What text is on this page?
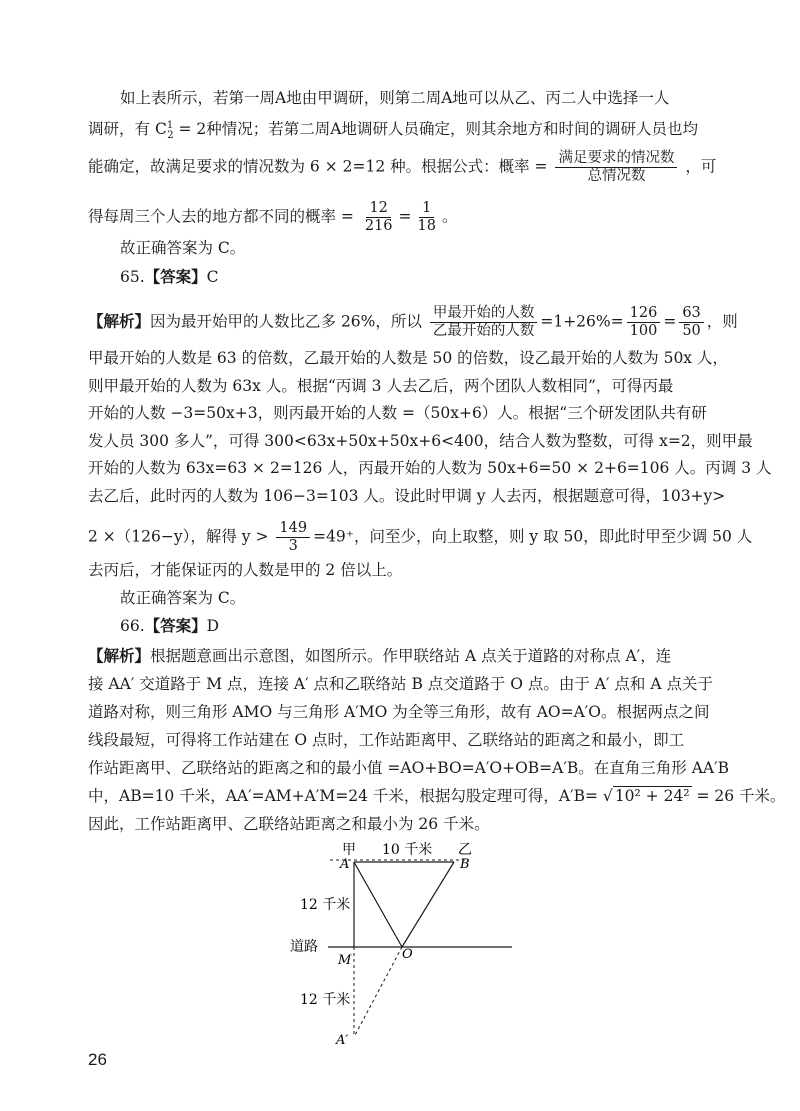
如上表所示，若第一周A地由甲调研，则第二周A地可以从乙、丙二人中选择一人
调研，有 $C^1_2 = 2$种情况；若第二周A地调研人员确定，则其余地方和时间的调研人员也均
能确定，故满足要求的情况数为 6 × 2=12 种。根据公式：概率 = $\frac{\text{满足要求的情况数}}{\text{总情况数}}$ ，可
得每周三个人去的地方都不同的概率 = $\frac{12}{216} = \frac{1}{18}$ 。
故正确答案为 C。
65.【答案】C
【解析】因为最开始甲的人数比乙多 26%，所以 $\frac{\text{甲最开始的人数}}{\text{乙最开始的人数}} =1+26\%= \frac{126}{100} = \frac{63}{50}$ ，则
甲最开始的人数是 63 的倍数，乙最开始的人数是 50 的倍数，设乙最开始的人数为 50x 人，
则甲最开始的人数为 63x 人。根据“丙调 3 人去乙后，两个团队人数相同”，可得丙最
开始的人数 −3=50x+3，则丙最开始的人数 =（50x+6）人。根据“三个研发团队共有研
发人员 300 多人”，可得 300<63x+50x+50x+6<400，结合人数为整数，可得 x=2，则甲最
开始的人数为 63x=63 × 2=126 人，丙最开始的人数为 50x+6=50 × 2+6=106 人。丙调 3 人
去乙后，此时丙的人数为 106−3=103 人。设此时甲调 y 人去丙，根据题意可得，103+y>
2 ×（126−y），解得 $y > \frac{149}{3} =49^+$，问至少，向上取整，则 y 取 50，即此时甲至少调 50 人
去丙后，才能保证丙的人数是甲的 2 倍以上。
故正确答案为 C。
66.【答案】D
【解析】根据题意画出示意图，如图所示。作甲联络站 A 点关于道路的对称点 A′，连
接 AA′ 交道路于 M 点，连接 A′ 点和乙联络站 B 点交道路于 O 点。由于 A′ 点和 A 点关于
道路对称，则三角形 AMO 与三角形 A′MO 为全等三角形，故有 AO=A′O。根据两点之间
线段最短，可得将工作站建在 O 点时，工作站距离甲、乙联络站的距离之和最小，即工
作站距离甲、乙联络站的距离之和的最小值 =AO+BO=A′O+OB=A′B。在直角三角形 AA′B
中，AB=10 千米，AA′=AM+A′M=24 千米，根据勾股定理可得，A′B= √ 10² + 24² = 26 千米。
因此，工作站距离甲、乙联络站距离之和最小为 26 千米。
甲 10 千米 乙
A	B
12 千米
道路
M	O
12 千米
A′
26
